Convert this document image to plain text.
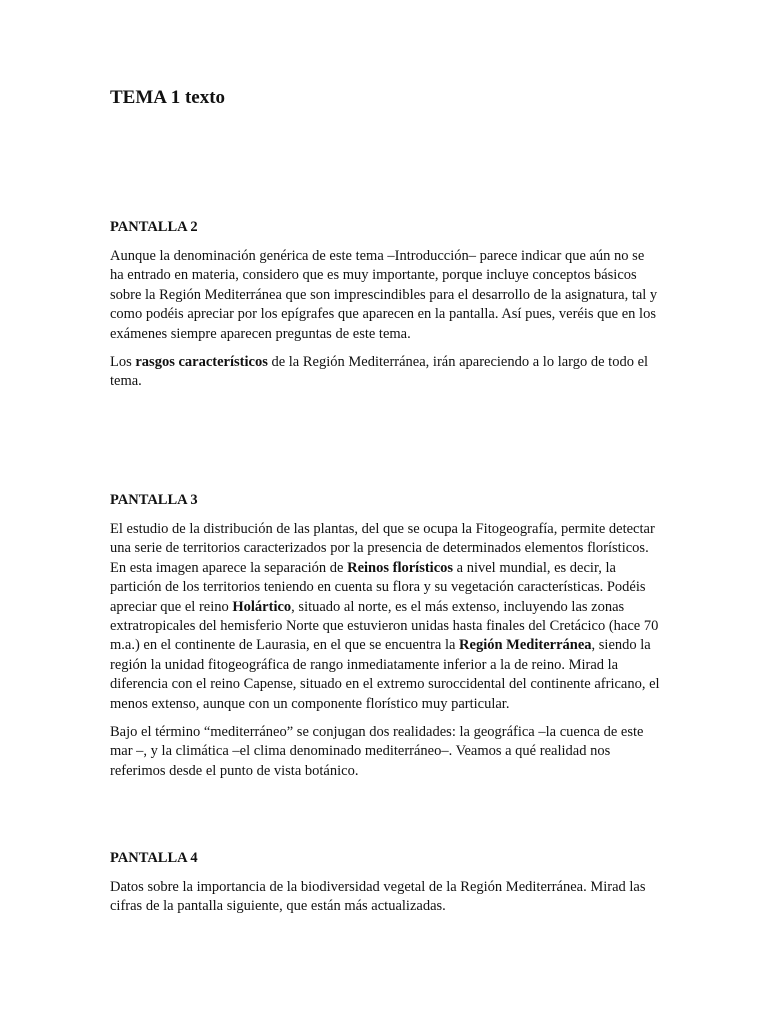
TEMA 1 texto
PANTALLA 2

Aunque la denominación genérica de este tema –Introducción– parece indicar que aún no se ha entrado en materia, considero que es muy importante, porque incluye conceptos básicos sobre la Región Mediterránea que son imprescindibles para el desarrollo de la asignatura, tal y como podéis apreciar por los epígrafes que aparecen en la pantalla. Así pues, veréis que en los exámenes siempre aparecen preguntas de este tema.

Los rasgos característicos de la Región Mediterránea, irán apareciendo a lo largo de todo el tema.

PANTALLA 3

El estudio de la distribución de las plantas, del que se ocupa la Fitogeografía, permite detectar una serie de territorios caracterizados por la presencia de determinados elementos florísticos. En esta imagen aparece la separación de Reinos florísticos a nivel mundial, es decir, la partición de los territorios teniendo en cuenta su flora y su vegetación características. Podéis apreciar que el reino Holártico, situado al norte, es el más extenso, incluyendo las zonas extratropicales del hemisferio Norte que estuvieron unidas hasta finales del Cretácico (hace 70 m.a.) en el continente de Laurasia, en el que se encuentra la Región Mediterránea, siendo la región la unidad fitogeográfica de rango inmediatamente inferior a la de reino. Mirad la diferencia con el reino Capense, situado en el extremo suroccidental del continente africano, el menos extenso, aunque con un componente florístico muy particular.

Bajo el término “mediterráneo” se conjugan dos realidades: la geográfica –la cuenca de este mar –, y la climática –el clima denominado mediterráneo–. Veamos a qué realidad nos referimos desde el punto de vista botánico.

PANTALLA 4

Datos sobre la importancia de la biodiversidad vegetal de la Región Mediterránea. Mirad las cifras de la pantalla siguiente, que están más actualizadas.
